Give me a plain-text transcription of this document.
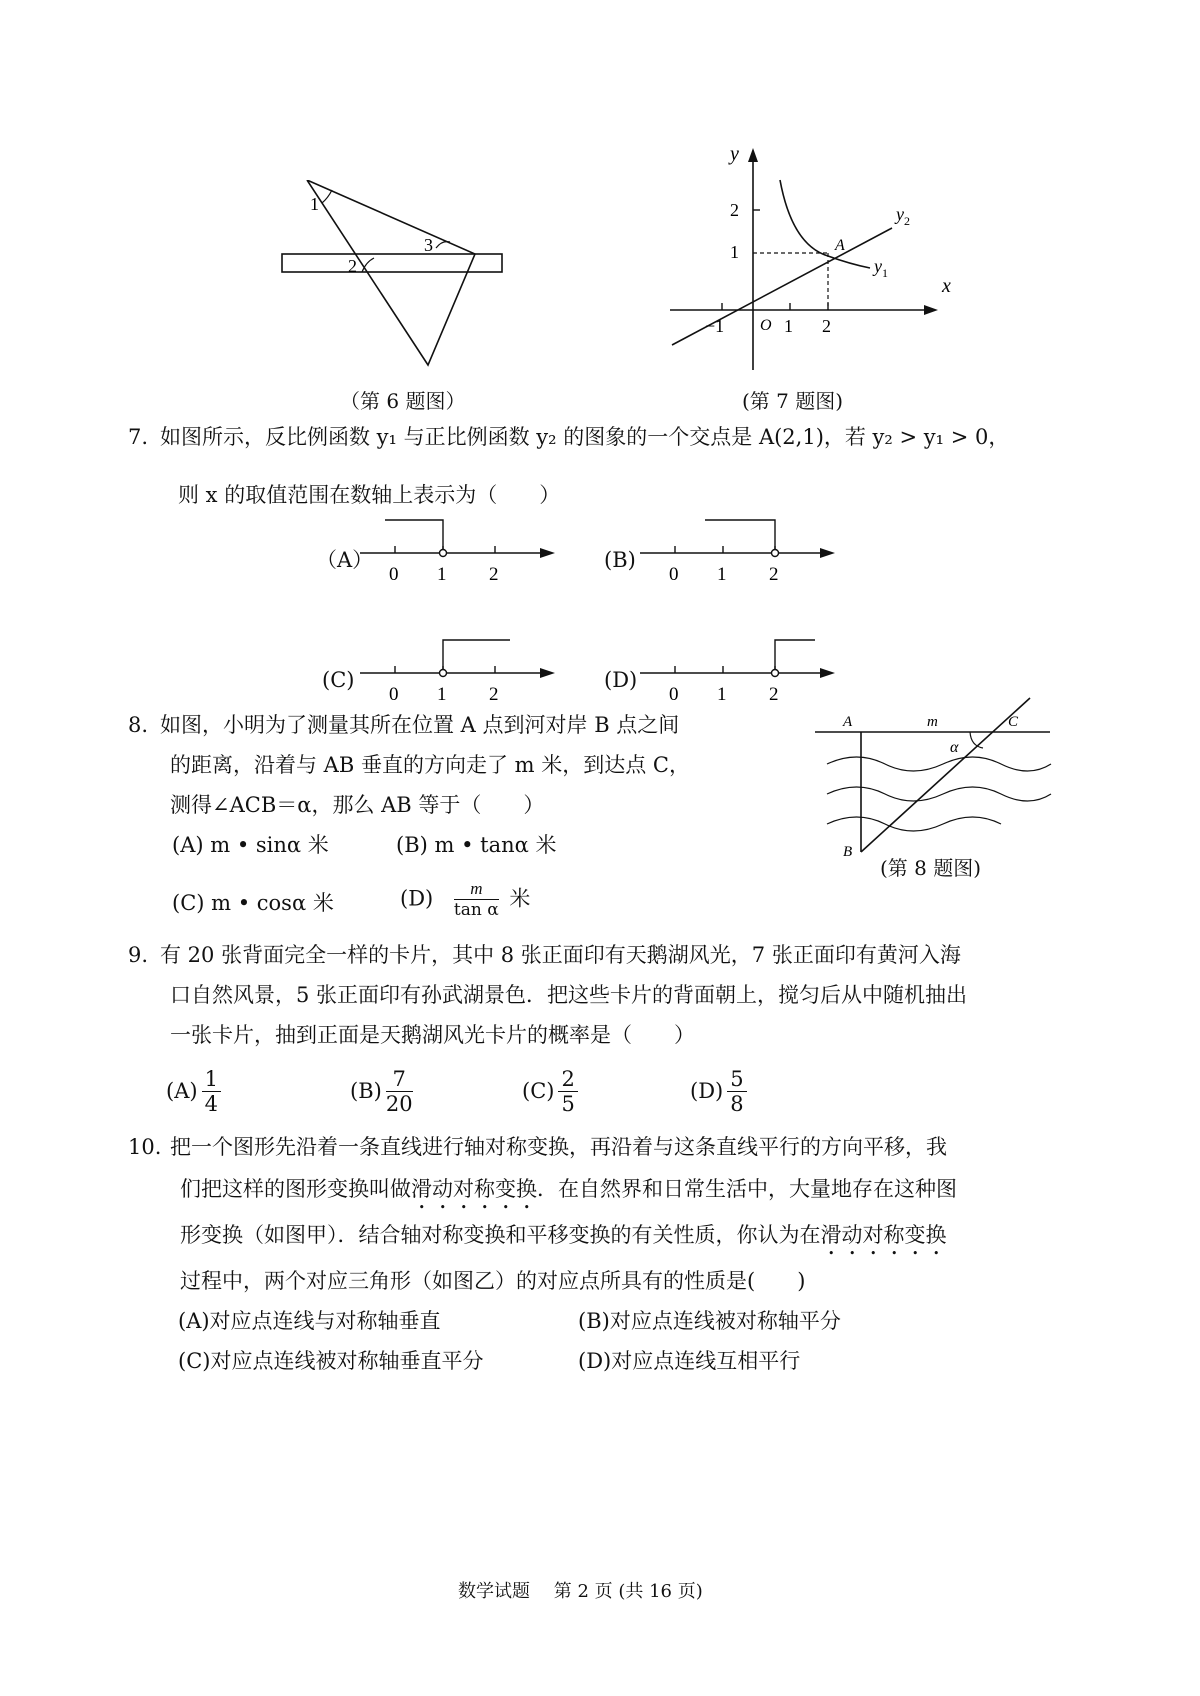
1
2
3
（第 6 题图）
y
x
O
−1	1 2
1
2
A
$y_2$
$y_1$
(第 7 题图)
7. 如图所示，反比例函数 y₁ 与正比例函数 y₂ 的图象的一个交点是 A(2,1)，若 y₂ > y₁ > 0，
则 x 的取值范围在数轴上表示为（　　）
（A）
0 1 2
(B)
0 1 2
(C)
0 1 2
(D)
0 1 2
8. 如图，小明为了测量其所在位置 A 点到河对岸 B 点之间
的距离，沿着与 AB 垂直的方向走了 m 米，到达点 C，
测得∠ACB＝α，那么 AB 等于（　　）
(A) m • sinα 米	(B) m • tanα 米
(C) m • cosα 米	$(D) \frac{m}{\text{tan α}}$ 米
A	m	C
α
B
(第 8 题图)
9. 有 20 张背面完全一样的卡片，其中 8 张正面印有天鹅湖风光，7 张正面印有黄河入海
口自然风景，5 张正面印有孙武湖景色．把这些卡片的背面朝上，搅匀后从中随机抽出
一张卡片，抽到正面是天鹅湖风光卡片的概率是（　　）
$(A) \frac{1}{4}$	$(B) \frac{7}{20}$	$(C) \frac{2}{5}$	$(D) \frac{5}{8}$
10. 把一个图形先沿着一条直线进行轴对称变换，再沿着与这条直线平行的方向平移，我
们把这样的图形变换叫做滑动对称变换．在自然界和日常生活中，大量地存在这种图
形变换（如图甲）．结合轴对称变换和平移变换的有关性质，你认为在滑动对称变换
过程中，两个对应三角形（如图乙）的对应点所具有的性质是(　　)
(A)对应点连线与对称轴垂直	(B)对应点连线被对称轴平分
(C)对应点连线被对称轴垂直平分	(D)对应点连线互相平行
数学试题　 第 2 页 (共 16 页)
